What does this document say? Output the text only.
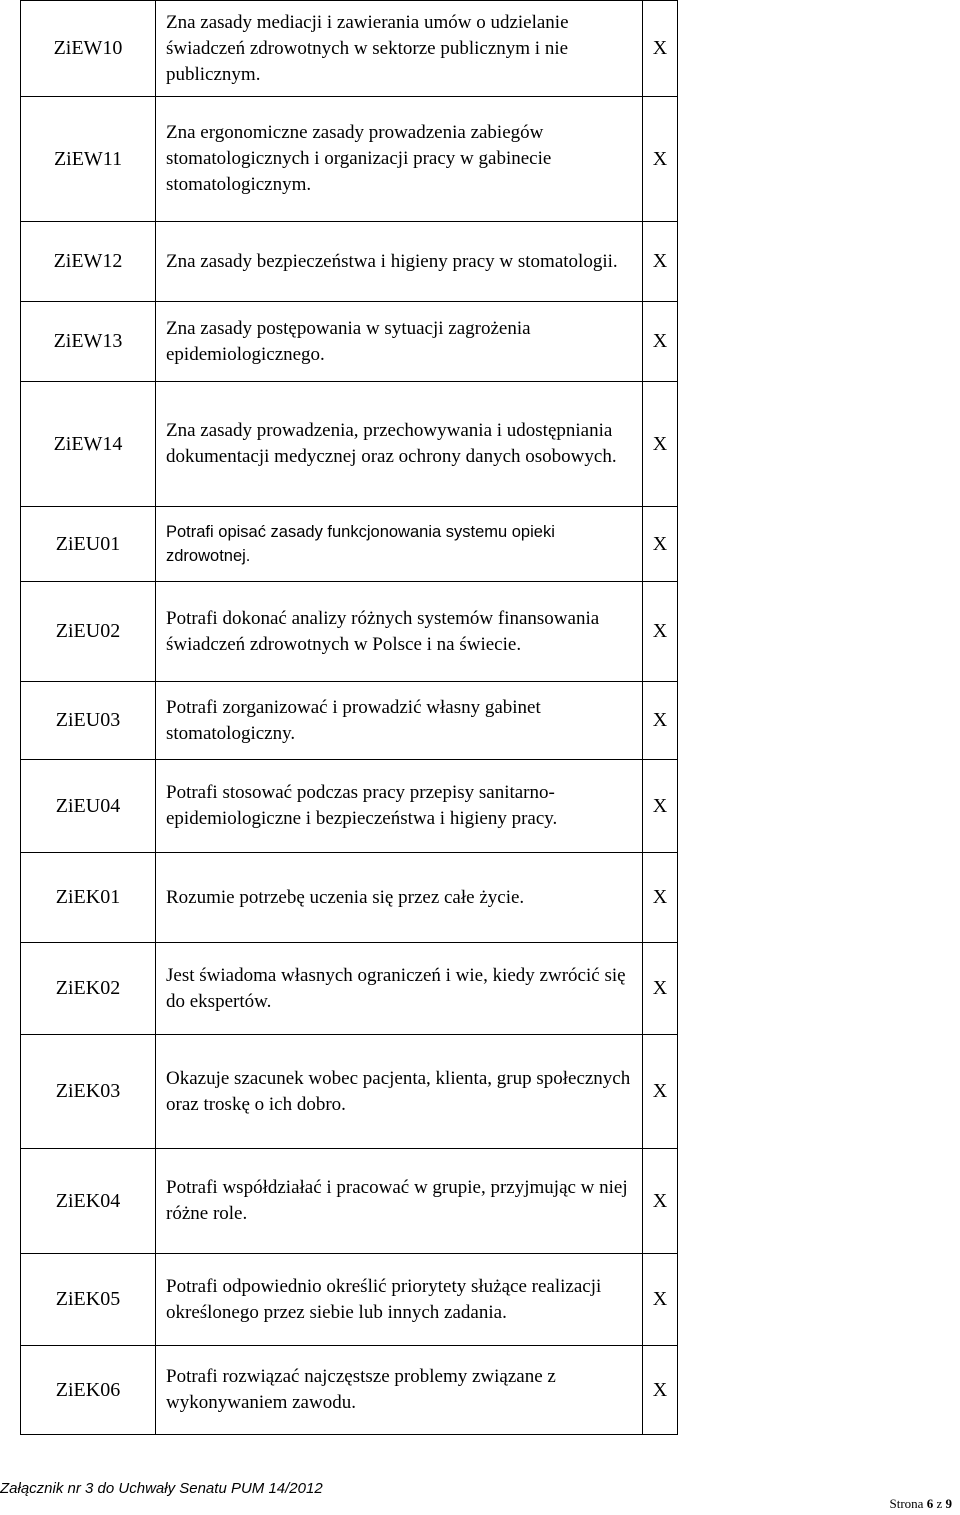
ZiEW10	Zna zasady mediacji i zawierania umów o udzielanie świadczeń zdrowotnych w sektorze publicznym i nie publicznym.	X	
ZiEW11	Zna ergonomiczne zasady prowadzenia zabiegów stomatologicznych i organizacji pracy w gabinecie stomatologicznym.	X	
ZiEW12	Zna zasady bezpieczeństwa i higieny pracy w stomatologii.	X	
ZiEW13	Zna zasady postępowania w sytuacji zagrożenia epidemiologicznego.	X	
ZiEW14	Zna zasady prowadzenia, przechowywania i udostępniania dokumentacji medycznej oraz ochrony danych osobowych.	X	
ZiEU01	Potrafi opisać zasady funkcjonowania systemu opieki zdrowotnej.	X	
ZiEU02	Potrafi dokonać analizy różnych systemów finansowania świadczeń zdrowotnych w Polsce i na świecie.	X	
ZiEU03	Potrafi zorganizować i prowadzić własny gabinet stomatologiczny.	X	
ZiEU04	Potrafi stosować podczas pracy przepisy sanitarno-epidemiologiczne i bezpieczeństwa i higieny pracy.	X	
ZiEK01	Rozumie potrzebę uczenia się przez całe życie.	X	
ZiEK02	Jest świadoma własnych ograniczeń i wie, kiedy zwrócić się do ekspertów.	X	
ZiEK03	Okazuje szacunek wobec pacjenta, klienta, grup społecznych oraz troskę o ich dobro.	X	
ZiEK04	Potrafi współdziałać i pracować w grupie, przyjmując w niej różne role.	X	
ZiEK05	Potrafi odpowiednio określić priorytety służące realizacji określonego przez siebie lub innych zadania.	X	
ZiEK06	Potrafi rozwiązać najczęstsze problemy związane z wykonywaniem zawodu.	X	
Załącznik nr 3 do Uchwały Senatu PUM 14/2012
Strona 6 z 9
